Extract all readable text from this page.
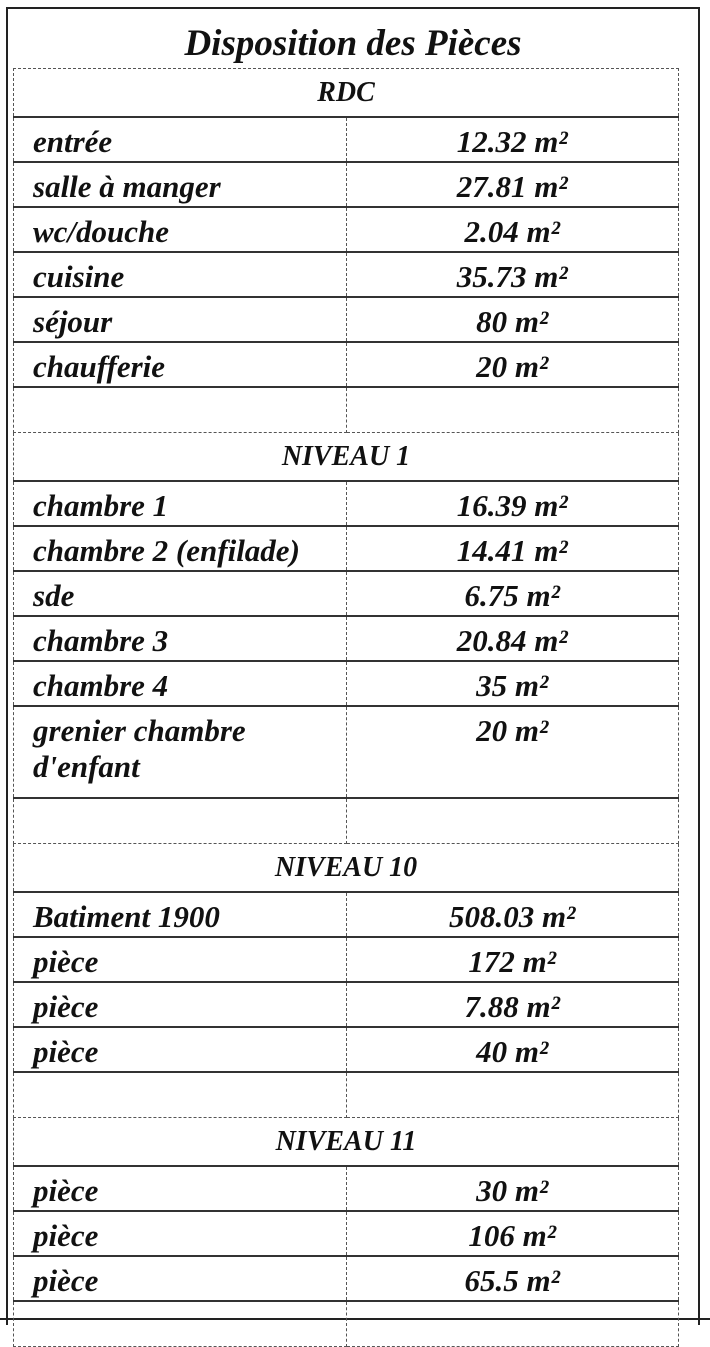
Disposition des Pièces
RDC	
entrée	12.32 m²
salle à manger	27.81 m²
wc/douche	2.04 m²
cuisine	35.73 m²
séjour	80 m²
chaufferie	20 m²

NIVEAU 1	
chambre 1	16.39 m²
chambre 2 (enfilade)	14.41 m²
sde	6.75 m²
chambre 3	20.84 m²
chambre 4	35 m²
grenier chambre d'enfant	20 m²

NIVEAU 10	
Batiment 1900	508.03 m²
pièce	172 m²
pièce	7.88 m²
pièce	40 m²

NIVEAU 11	
pièce	30 m²
pièce	106 m²
pièce	65.5 m²
